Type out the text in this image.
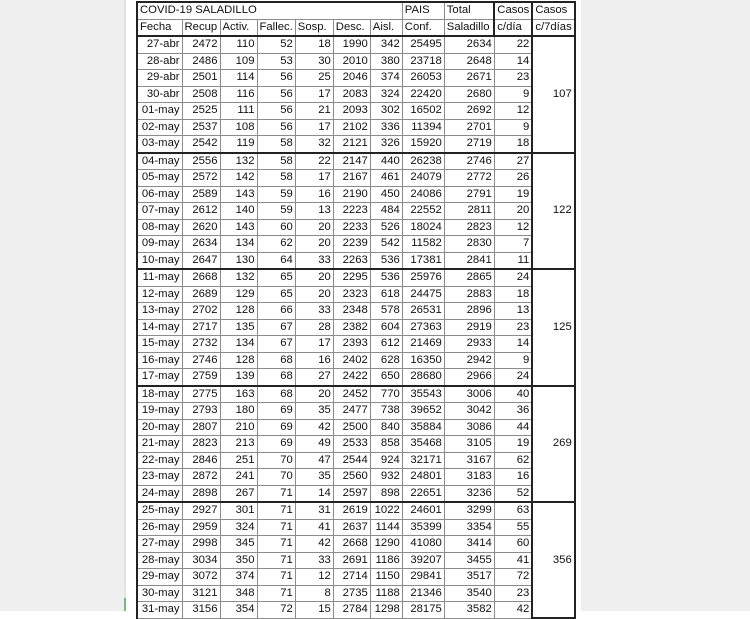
COVID-19 SALADILLO							PAIS	Total	Casos	Casos
Fecha	Recup	Activ.	Fallec.	Sosp.	Desc.	Aisl.	Conf.	Saladillo	c/día	c/7días
27-abr	2472	110	52	18	1990	342	25495	2634	22	107
28-abr	2486	109	53	30	2010	380	23718	2648	14	
29-abr	2501	114	56	25	2046	374	26053	2671	23	
30-abr	2508	116	56	17	2083	324	22420	2680	9	
01-may	2525	111	56	21	2093	302	16502	2692	12	
02-may	2537	108	56	17	2102	336	11394	2701	9	
03-may	2542	119	58	32	2121	326	15920	2719	18	
04-may	2556	132	58	22	2147	440	26238	2746	27	122
05-may	2572	142	58	17	2167	461	24079	2772	26	
06-may	2589	143	59	16	2190	450	24086	2791	19	
07-may	2612	140	59	13	2223	484	22552	2811	20	
08-may	2620	143	60	20	2233	526	18024	2823	12	
09-may	2634	134	62	20	2239	542	11582	2830	7	
10-may	2647	130	64	33	2263	536	17381	2841	11	
11-may	2668	132	65	20	2295	536	25976	2865	24	125
12-may	2689	129	65	20	2323	618	24475	2883	18	
13-may	2702	128	66	33	2348	578	26531	2896	13	
14-may	2717	135	67	28	2382	604	27363	2919	23	
15-may	2732	134	67	17	2393	612	21469	2933	14	
16-may	2746	128	68	16	2402	628	16350	2942	9	
17-may	2759	139	68	27	2422	650	28680	2966	24	
18-may	2775	163	68	20	2452	770	35543	3006	40	269
19-may	2793	180	69	35	2477	738	39652	3042	36	
20-may	2807	210	69	42	2500	840	35884	3086	44	
21-may	2823	213	69	49	2533	858	35468	3105	19	
22-may	2846	251	70	47	2544	924	32171	3167	62	
23-may	2872	241	70	35	2560	932	24801	3183	16	
24-may	2898	267	71	14	2597	898	22651	3236	52	
25-may	2927	301	71	31	2619	1022	24601	3299	63	356
26-may	2959	324	71	41	2637	1144	35399	3354	55	
27-may	2998	345	71	42	2668	1290	41080	3414	60	
28-may	3034	350	71	33	2691	1186	39207	3455	41	
29-may	3072	374	71	12	2714	1150	29841	3517	72	
30-may	3121	348	71	8	2735	1188	21346	3540	23	
31-may	3156	354	72	15	2784	1298	28175	3582	42	
